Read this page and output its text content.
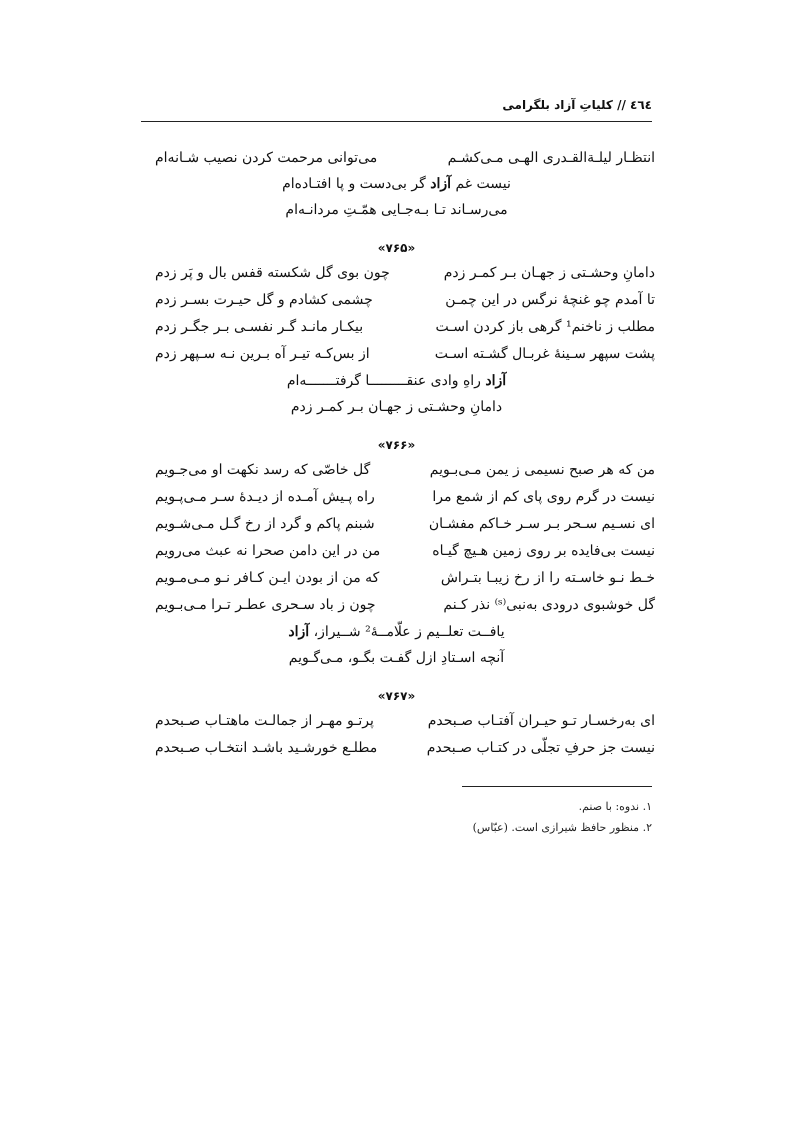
٤٦٤ // کلیاتِ آزاد بلگرامی
انتظـار لیلـةالقـدری الهـی مـی‌کشـم
می‌توانی مرحمت کردن نصیب شـانه‌ام
نیست غم آزاد گر بی‌دست و پا افتـاده‌ام
می‌رسـاند تـا بـه‌جـایی همّـتِ مردانـه‌ام
«۷۶۵»
دامانِ وحشـتی ز جهـان بـر کمـر زدم
چون بوی گل شکسته قفس بال و پَر زدم
تا آمدم چو غنچهٔ نرگس در این چمـن
چشمی کشادم و گل حیـرت بسـر زدم
مطلب ز ناخنم¹ گرهی باز کردن اسـت
بیکـار مانـد گـر نفسـی بـر جگـر زدم
پشت سپهر سـینهٔ غربـال گشـته اسـت
از بس‌کـه تیـر آه بـرین نـه سـپهر زدم
آزاد راهِ وادی عنقـــــــــا گرفتـــــــه‌ام
دامانِ وحشـتی ز جهـان بـر کمـر زدم
«۷۶۶»
من که هر صبح نسیمی ز یمن مـی‌بـویم
گل خاصّی که رسد نکهت او می‌جـویم
نیست در گرم روی پای کم از شمع مرا
راه پـیش آمـده از دیـدهٔ سـر مـی‌پـویم
ای نسـیم سـحر بـر سـر خـاکم مفشـان
شبنم پاکم و گرد از رخ گـل مـی‌شـویم
نیست بی‌فایده بر روی زمین هـیچ گیـاه
من در این دامن صحرا نه عبث می‌رویم
خـط نـو خاسـته را از رخ زیبـا بتـراش
که من از بودن ایـن کـافر نـو مـی‌مـویم
گل خوشبوی درودی به‌نبی⁽ˢ⁾ نذر کـنم
چون ز باد سـحری عطـر تـرا مـی‌بـویم
یافــت تعلــیم ز علّامــهٔ² شــیراز، آزاد
آنچه اسـتادِ ازل گفـت بگـو، مـی‌گـویم
«۷۶۷»
ای به‌رخسـار تـو حیـران آفتـاب صـبحدم
پرتـو مهـر از جمالـت ماهتـاب صـبحدم
نیست جز حرفِ تجلّی در کتـاب صـبحدم
مطلـع خورشـید باشـد انتخـاب صـبحدم
۱. ندوه: با صنم.
۲. منظور حافظ شیرازی است. (عبّاس)
